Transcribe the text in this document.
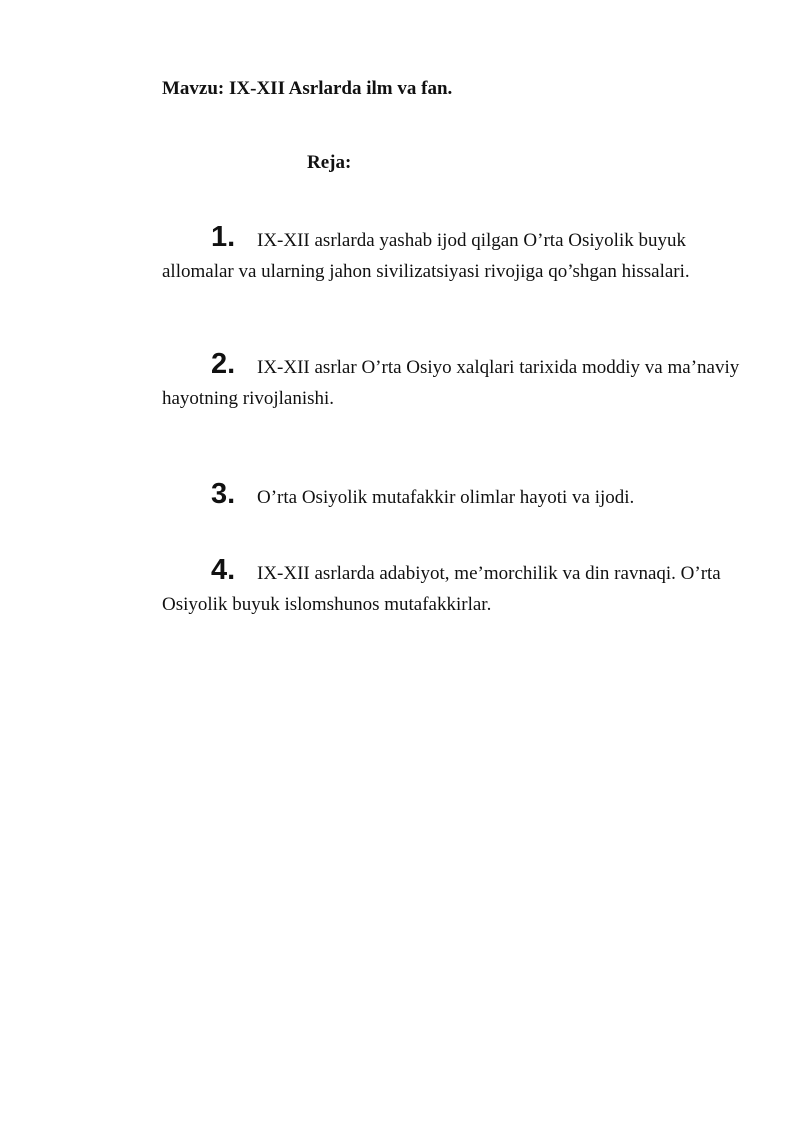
Mavzu: IX-XII Asrlarda ilm va fan.
Reja:
1. IX-XII asrlarda yashab ijod qilgan O’rta Osiyolik buyuk allomalar va ularning jahon sivilizatsiyasi rivojiga qo’shgan hissalari.
2. IX-XII asrlar O’rta Osiyo xalqlari tarixida moddiy va ma’naviy hayotning rivojlanishi.
3. O’rta Osiyolik mutafakkir olimlar hayoti va ijodi.
4. IX-XII asrlarda adabiyot, me’morchilik va din ravnaqi. O’rta Osiyolik buyuk islomshunos mutafakkirlar.
